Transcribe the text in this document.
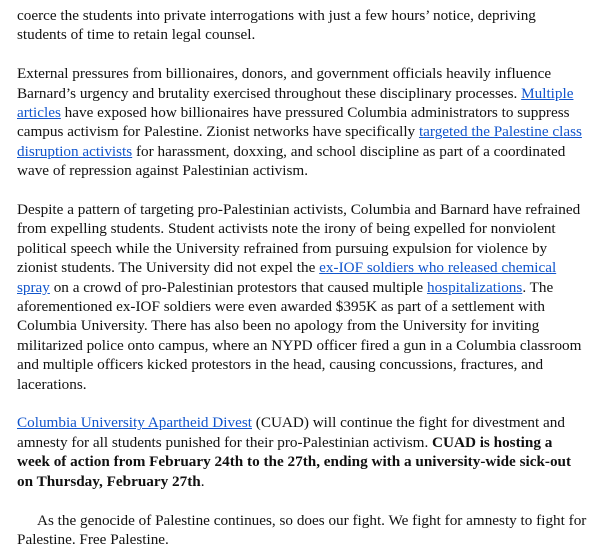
coerce the students into private interrogations with just a few hours’ notice, depriving students of time to retain legal counsel.

External pressures from billionaires, donors, and government officials heavily influence Barnard’s urgency and brutality exercised throughout these disciplinary processes. Multiple articles have exposed how billionaires have pressured Columbia administrators to suppress campus activism for Palestine. Zionist networks have specifically targeted the Palestine class disruption activists for harassment, doxxing, and school discipline as part of a coordinated wave of repression against Palestinian activism.

Despite a pattern of targeting pro-Palestinian activists, Columbia and Barnard have refrained from expelling students. Student activists note the irony of being expelled for nonviolent political speech while the University refrained from pursuing expulsion for violence by zionist students. The University did not expel the ex-IOF soldiers who released chemical spray on a crowd of pro-Palestinian protestors that caused multiple hospitalizations. The aforementioned ex-IOF soldiers were even awarded $395K as part of a settlement with Columbia University. There has also been no apology from the University for inviting militarized police onto campus, where an NYPD officer fired a gun in a Columbia classroom and multiple officers kicked protestors in the head, causing concussions, fractures, and lacerations.

Columbia University Apartheid Divest (CUAD) will continue the fight for divestment and amnesty for all students punished for their pro-Palestinian activism. CUAD is hosting a week of action from February 24th to the 27th, ending with a university-wide sick-out on Thursday, February 27th.

As the genocide of Palestine continues, so does our fight. We fight for amnesty to fight for Palestine. Free Palestine.
